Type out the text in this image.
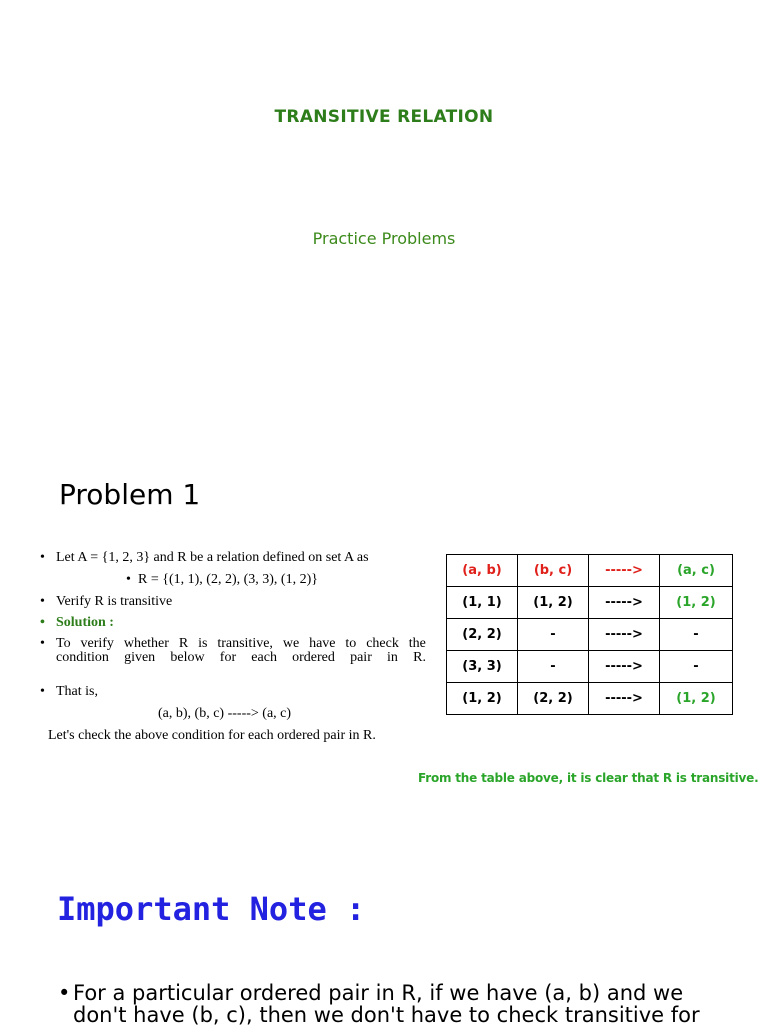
TRANSITIVE RELATION
Practice Problems
Problem 1
• Let A = {1, 2, 3} and R be a relation defined on set A as
• R = {(1, 1), (2, 2), (3, 3), (1, 2)}
• Verify R is transitive
• Solution :
• To verify whether R is transitive, we have to check the
condition given below for each ordered pair in R.
• That is,
(a, b), (b, c) -----> (a, c)
Let's check the above condition for each ordered pair in R.
(a, b)	(b, c)	----->	(a, c)
(1, 1)	(1, 2)	----->	(1, 2)
(2, 2)	-	----->	-
(3, 3)	-	----->	-
(1, 2)	(2, 2)	----->	(1, 2)
From the table above, it is clear that R is transitive.
Important Note :
• For a particular ordered pair in R, if we have (a, b) and we
don't have (b, c), then we don't have to check transitive for
